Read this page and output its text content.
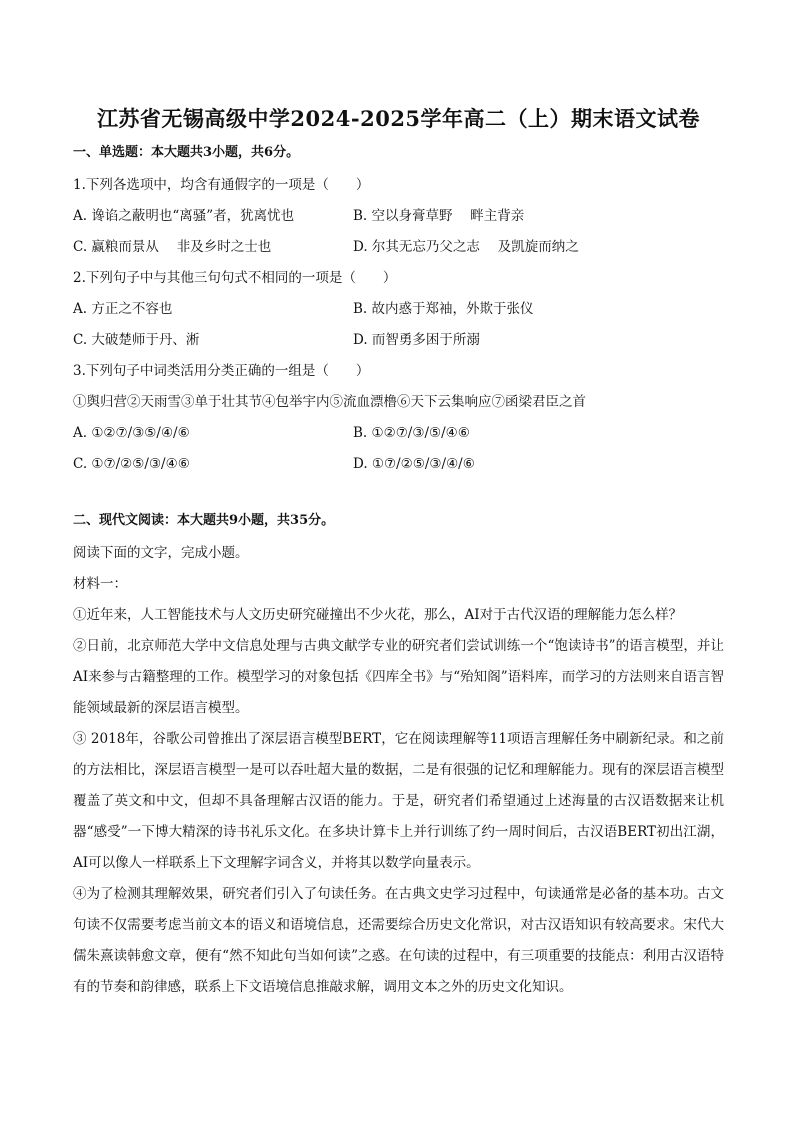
江苏省无锡高级中学2024-2025学年高二（上）期末语文试卷
一、单选题：本大题共3小题，共6分。
1.下列各选项中，均含有通假字的一项是（　　）
A. 谗谄之蔽明也“离骚”者，犹离忧也	B. 空以身膏草野　 畔主背亲
C. 赢粮而景从　 非及乡时之士也	D. 尔其无忘乃父之志　 及凯旋而纳之
2.下列句子中与其他三句句式不相同的一项是（　　）
A. 方正之不容也	B. 故内惑于郑袖，外欺于张仪
C. 大破楚师于丹、淅	D. 而智勇多困于所溺
3.下列句子中词类活用分类正确的一组是（　　）
①舆归营②天雨雪③单于壮其节④包举宇内⑤流血漂橹⑥天下云集响应⑦函梁君臣之首
A. ①②⑦/③⑤/④/⑥	B. ①②⑦/③/⑤/④⑥
C. ①⑦/②⑤/③/④⑥	D. ①⑦/②⑤/③/④/⑥
二、现代文阅读：本大题共9小题，共35分。
阅读下面的文字，完成小题。
材料一：
①近年来，人工智能技术与人文历史研究碰撞出不少火花，那么，AI对于古代汉语的理解能力怎么样？
②日前，北京师范大学中文信息处理与古典文献学专业的研究者们尝试训练一个“饱读诗书”的语言模型，并让AI来参与古籍整理的工作。模型学习的对象包括《四库全书》与“殆知阁”语料库，而学习的方法则来自语言智能领域最新的深层语言模型。
③ 2018年，谷歌公司曾推出了深层语言模型BERT，它在阅读理解等11项语言理解任务中刷新纪录。和之前的方法相比，深层语言模型一是可以吞吐超大量的数据，二是有很强的记忆和理解能力。现有的深层语言模型覆盖了英文和中文，但却不具备理解古汉语的能力。于是，研究者们希望通过上述海量的古汉语数据来让机器“感受”一下博大精深的诗书礼乐文化。在多块计算卡上并行训练了约一周时间后，古汉语BERT初出江湖，AI可以像人一样联系上下文理解字词含义，并将其以数学向量表示。
④为了检测其理解效果，研究者们引入了句读任务。在古典文史学习过程中，句读通常是必备的基本功。古文句读不仅需要考虑当前文本的语义和语境信息，还需要综合历史文化常识，对古汉语知识有较高要求。宋代大儒朱熹读韩愈文章，便有“然不知此句当如何读”之惑。在句读的过程中，有三项重要的技能点：利用古汉语特有的节奏和韵律感，联系上下文语境信息推敲求解，调用文本之外的历史文化知识。
